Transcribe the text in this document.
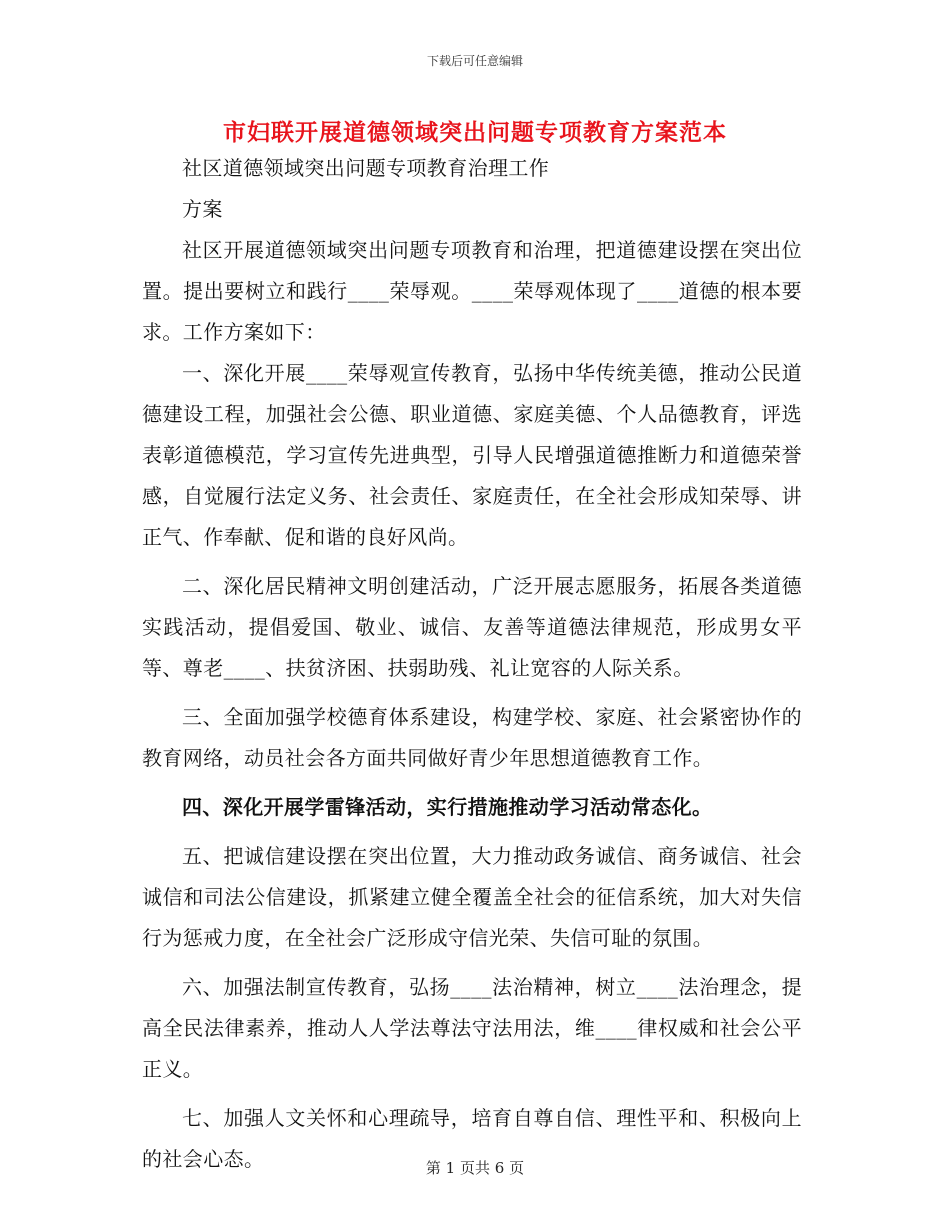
下载后可任意编辑
市妇联开展道德领域突出问题专项教育方案范本

社区道德领域突出问题专项教育治理工作

方案

社区开展道德领域突出问题专项教育和治理，把道德建设摆在突出位置。提出要树立和践行____荣辱观。____荣辱观体现了____道德的根本要求。工作方案如下：

一、深化开展____荣辱观宣传教育，弘扬中华传统美德，推动公民道德建设工程，加强社会公德、职业道德、家庭美德、个人品德教育，评选表彰道德模范，学习宣传先进典型，引导人民增强道德推断力和道德荣誉感，自觉履行法定义务、社会责任、家庭责任，在全社会形成知荣辱、讲正气、作奉献、促和谐的良好风尚。

二、深化居民精神文明创建活动，广泛开展志愿服务，拓展各类道德实践活动，提倡爱国、敬业、诚信、友善等道德法律规范，形成男女平等、尊老____、扶贫济困、扶弱助残、礼让宽容的人际关系。

三、全面加强学校德育体系建设，构建学校、家庭、社会紧密协作的教育网络，动员社会各方面共同做好青少年思想道德教育工作。

四、深化开展学雷锋活动，实行措施推动学习活动常态化。

五、把诚信建设摆在突出位置，大力推动政务诚信、商务诚信、社会诚信和司法公信建设，抓紧建立健全覆盖全社会的征信系统，加大对失信行为惩戒力度，在全社会广泛形成守信光荣、失信可耻的氛围。

六、加强法制宣传教育，弘扬____法治精神，树立____法治理念，提高全民法律素养，推动人人学法尊法守法用法，维____律权威和社会公平正义。

七、加强人文关怀和心理疏导，培育自尊自信、理性平和、积极向上的社会心态。	第 1 页共 6 页
